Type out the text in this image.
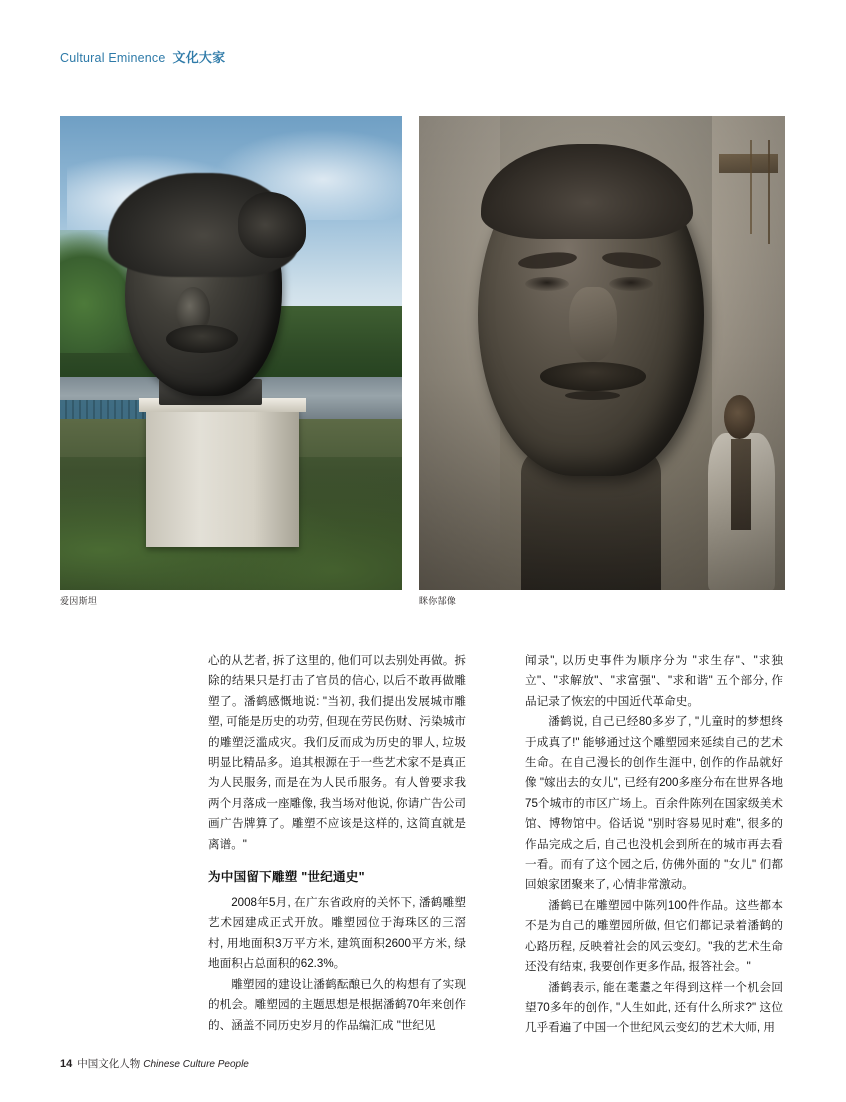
Cultural Eminence 文化大家
爱因斯坦	眯你郜像

心的从艺者, 拆了这里的, 他们可以去别处再做。拆除的结果只是打击了官员的信心, 以后不敢再做雕塑了。潘鹤感慨地说: "当初, 我们提出发展城市雕塑, 可能是历史的功劳, 但现在劳民伤财、污染城市的雕塑泛滥成灾。我们反而成为历史的罪人, 垃圾明显比精品多。追其根源在于一些艺术家不是真正为人民服务, 而是在为人民币服务。有人曾要求我两个月落成一座雕像, 我当场对他说, 你请广告公司画广告牌算了。雕塑不应该是这样的, 这简直就是离谱。"

为中国留下雕塑 "世纪通史"

2008年5月, 在广东省政府的关怀下, 潘鹤雕塑艺术园建成正式开放。雕塑园位于海珠区的三滘村, 用地面积3万平方米, 建筑面积2600平方米, 绿地面积占总面积的62.3%。

雕塑园的建设让潘鹤酝酿已久的构想有了实现的机会。雕塑园的主题思想是根据潘鹤70年来创作的、涵盖不同历史岁月的作品编汇成 "世纪见

闻录", 以历史事件为顺序分为 "求生存"、"求独立"、"求解放"、"求富强"、"求和谐" 五个部分, 作品记录了恢宏的中国近代革命史。

潘鹤说, 自己已经80多岁了, "儿童时的梦想终于成真了!" 能够通过这个雕塑园来延续自己的艺术生命。在自己漫长的创作生涯中, 创作的作品就好像 "嫁出去的女儿", 已经有200多座分布在世界各地75个城市的市区广场上。百余件陈列在国家级美术馆、博物馆中。俗话说 "别时容易见时难", 很多的作品完成之后, 自己也没机会到所在的城市再去看一看。而有了这个园之后, 仿佛外面的 "女儿" 们都回娘家团聚来了, 心情非常激动。

潘鹤已在雕塑园中陈列100件作品。这些都本不是为自己的雕塑园所做, 但它们都记录着潘鹤的心路历程, 反映着社会的风云变幻。"我的艺术生命还没有结束, 我要创作更多作品, 报答社会。"

潘鹤表示, 能在耄耋之年得到这样一个机会回望70多年的创作, "人生如此, 还有什么所求?" 这位几乎看遍了中国一个世纪风云变幻的艺术大师, 用

14 中国文化人物 Chinese Culture People
